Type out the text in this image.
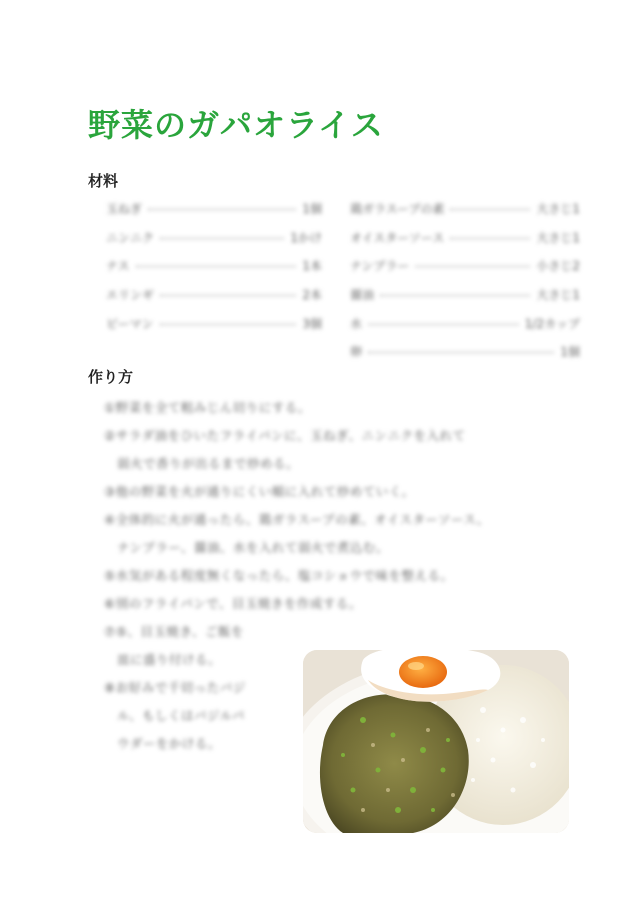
野菜のガパオライス
材料
玉ねぎ	1個
ニンニク	1かけ
ナス	1本
エリンギ	2本
ピーマン	3個
鶏ガラスープの素	大さじ1
オイスターソース	大さじ1
ナンプラー	小さじ2
醤油	大さじ1
水	1/2カップ
卵	1個
作り方
①野菜を全て粗みじん切りにする。
②サラダ油をひいたフライパンに、玉ねぎ、ニンニクを入れて
　弱火で香りが出るまで炒める。
③他の野菜を火が通りにくい順に入れて炒めていく。
④全体的に火が通ったら、鶏ガラスープの素、オイスターソース、
　ナンプラー、醤油、水を入れて弱火で煮込む。
⑤水気がある程度無くなったら、塩コショウで味を整える。
⑥別のフライパンで、目玉焼きを作成する。
⑦⑤、目玉焼き、ご飯を
　皿に盛り付ける。
⑧お好みで千切ったバジ
　ル、もしくはバジルパ
　ウダーをかける。
